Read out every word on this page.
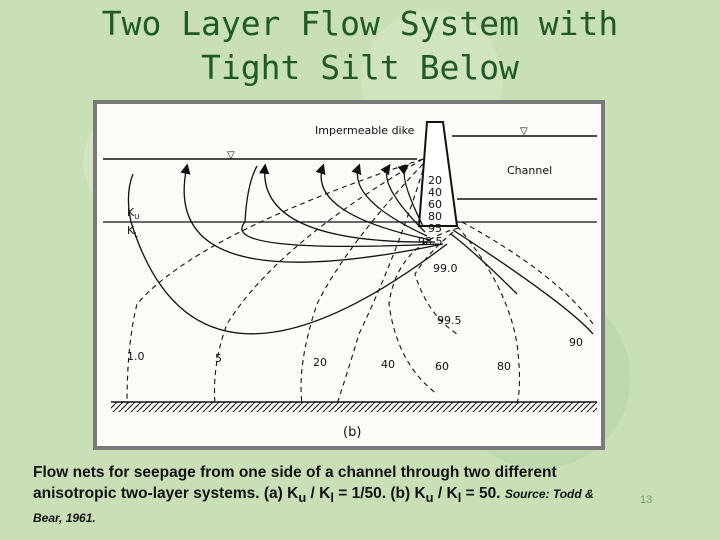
Two Layer Flow System with
Tight Silt Below
▽
▽
Impermeable dike
Channel
$K_U$
$K_L$
20
40
60
80
95
98.5
99.0
99.5
1.0	5	20	40	60	80
90
(b)
Flow nets for seepage from one side of a channel through two different
anisotropic two-layer systems. (a) $K_u / K_l = 1/50$. (b) $K_u / K_l = 50$. Source: Todd &
Bear, 1961.
13
